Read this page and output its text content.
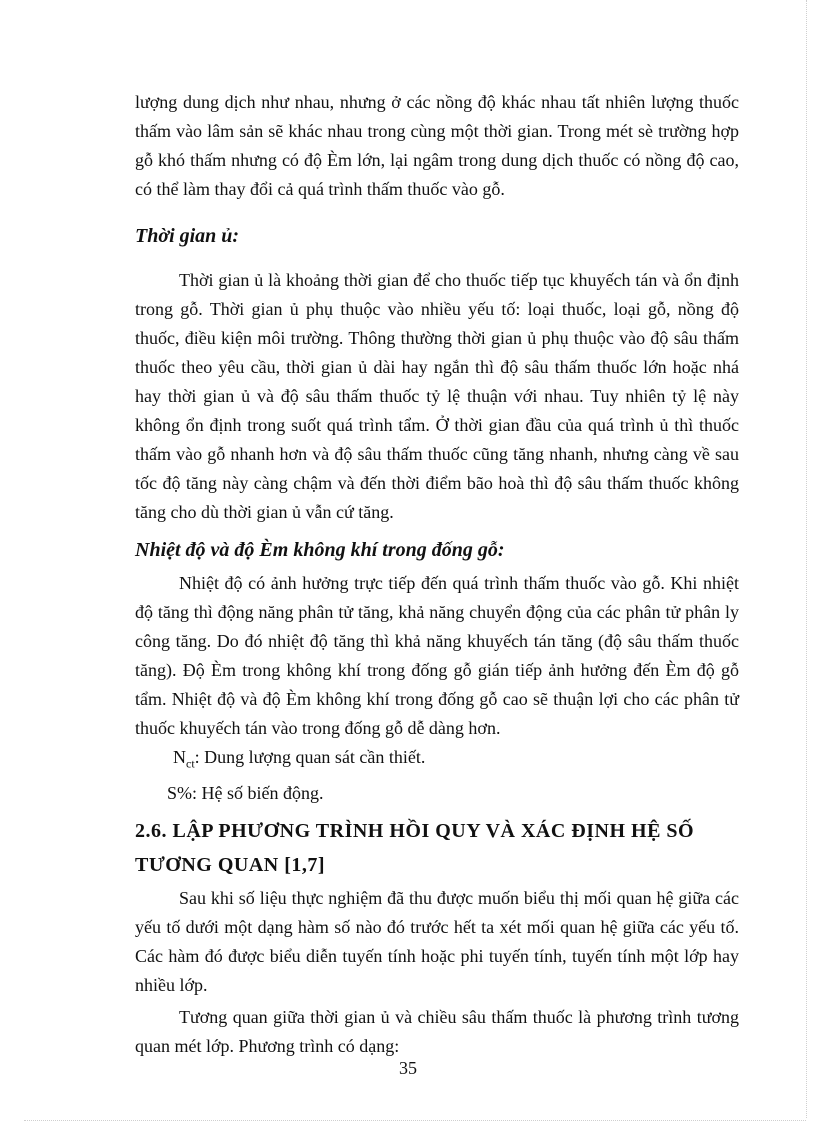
lượng dung dịch như nhau, nhưng ở các nồng độ khác nhau tất nhiên lượng thuốc thấm vào lâm sản sẽ khác nhau trong cùng một thời gian. Trong mét sè trường hợp gỗ khó thấm nhưng có độ Èm lớn, lại ngâm trong dung dịch thuốc có nồng độ cao, có thể làm thay đổi cả quá trình thấm thuốc vào gỗ.

Thời gian ủ:

Thời gian ủ là khoảng thời gian để cho thuốc tiếp tục khuyếch tán và ổn định trong gỗ. Thời gian ủ phụ thuộc vào nhiều yếu tố: loại thuốc, loại gỗ, nồng độ thuốc, điều kiện môi trường. Thông thường thời gian ủ phụ thuộc vào độ sâu thấm thuốc theo yêu cầu, thời gian ủ dài hay ngắn thì độ sâu thấm thuốc lớn hoặc nhá hay thời gian ủ và độ sâu thấm thuốc tỷ lệ thuận với nhau. Tuy nhiên tỷ lệ này không ổn định trong suốt quá trình tẩm. Ở thời gian đầu của quá trình ủ thì thuốc thấm vào gỗ nhanh hơn và độ sâu thấm thuốc cũng tăng nhanh, nhưng càng về sau tốc độ tăng này càng chậm và đến thời điểm bão hoà thì độ sâu thấm thuốc không tăng cho dù thời gian ủ vẫn cứ tăng.

Nhiệt độ và độ Èm không khí trong đống gỗ:

Nhiệt độ có ảnh hưởng trực tiếp đến quá trình thấm thuốc vào gỗ. Khi nhiệt độ tăng thì động năng phân tử tăng, khả năng chuyển động của các phân tử phân ly công tăng. Do đó nhiệt độ tăng thì khả năng khuyếch tán tăng (độ sâu thấm thuốc tăng). Độ Èm trong không khí trong đống gỗ gián tiếp ảnh hưởng đến Èm độ gỗ tẩm. Nhiệt độ và độ Èm không khí trong đống gỗ cao sẽ thuận lợi cho các phân tử thuốc khuyếch tán vào trong đống gỗ dễ dàng hơn.

$N_{ct}$: Dung lượng quan sát cần thiết.
S%: Hệ số biến động.
2.6. LẬP PHƯƠNG TRÌNH HỒI QUY VÀ XÁC ĐỊNH HỆ SỐ TƯƠNG QUAN [1,7]

Sau khi số liệu thực nghiệm đã thu được muốn biểu thị mối quan hệ giữa các yếu tố dưới một dạng hàm số nào đó trước hết ta xét mối quan hệ giữa các yếu tố. Các hàm đó được biểu diễn tuyến tính hoặc phi tuyến tính, tuyến tính một lớp hay nhiều lớp.

Tương quan giữa thời gian ủ và chiều sâu thấm thuốc là phương trình tương quan mét lớp. Phương trình có dạng:

35
